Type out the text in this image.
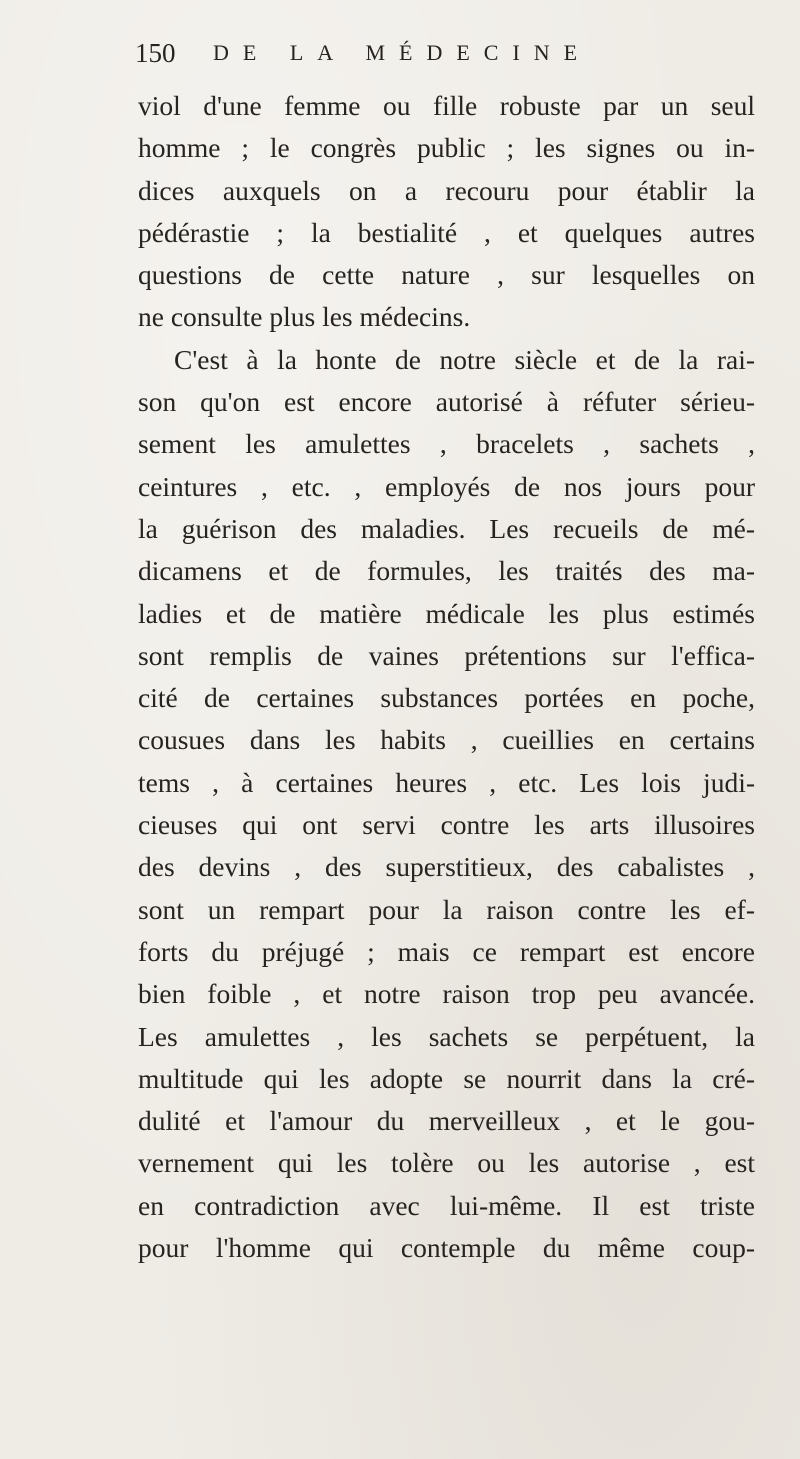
150 DE LA MÉDECINE
viol d'une femme ou fille robuste par un seul
homme ; le congrès public ; les signes ou in-
dices auxquels on a recouru pour établir la
pédérastie ; la bestialité , et quelques autres
questions de cette nature , sur lesquelles on
ne consulte plus les médecins.
C'est à la honte de notre siècle et de la rai-
son qu'on est encore autorisé à réfuter sérieu-
sement les amulettes , bracelets , sachets ,
ceintures , etc. , employés de nos jours pour
la guérison des maladies. Les recueils de mé-
dicamens et de formules, les traités des ma-
ladies et de matière médicale les plus estimés
sont remplis de vaines prétentions sur l'effica-
cité de certaines substances portées en poche,
cousues dans les habits , cueillies en certains
tems , à certaines heures , etc. Les lois judi-
cieuses qui ont servi contre les arts illusoires
des devins , des superstitieux, des cabalistes ,
sont un rempart pour la raison contre les ef-
forts du préjugé ; mais ce rempart est encore
bien foible , et notre raison trop peu avancée.
Les amulettes , les sachets se perpétuent, la
multitude qui les adopte se nourrit dans la cré-
dulité et l'amour du merveilleux , et le gou-
vernement qui les tolère ou les autorise , est
en contradiction avec lui-même. Il est triste
pour l'homme qui contemple du même coup-
